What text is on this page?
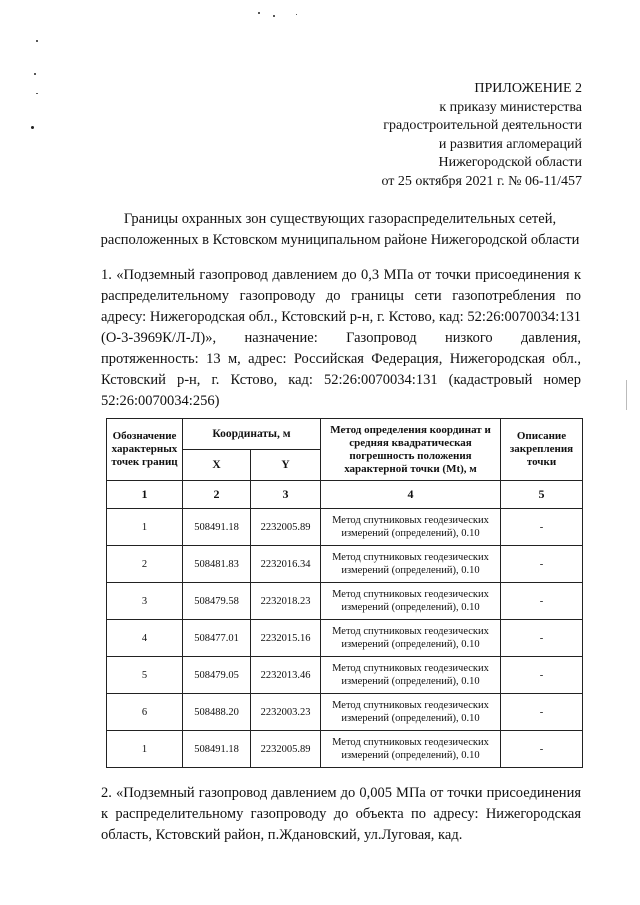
ПРИЛОЖЕНИЕ 2
к приказу министерства
градостроительной деятельности
и развития агломераций
Нижегородской области
от 25 октября 2021 г. № 06-11/457
Границы охранных зон существующих газораспределительных сетей,
расположенных в Кстовском муниципальном районе Нижегородской области
1. «Подземный газопровод давлением до 0,3 МПа от точки присоединения к распределительному газопроводу до границы сети газопотребления по адресу: Нижегородская обл., Кстовский р-н, г. Кстово, кад: 52:26:0070034:131 (О-3-3969К/Л-Л)», назначение: Газопровод низкого давления, протяженность: 13 м, адрес: Российская Федерация, Нижегородская обл., Кстовский р-н, г. Кстово, кад: 52:26:0070034:131 (кадастровый номер 52:26:0070034:256)
Обозначение характерных точек границ	Координаты, м		Метод определения координат и средняя квадратическая погрешность положения характерной точки (Mt), м	Описание закрепления точки
	X	Y		
1	2	3	4	5
1	508491.18	2232005.89	Метод спутниковых геодезических измерений (определений), 0.10	-
2	508481.83	2232016.34	Метод спутниковых геодезических измерений (определений), 0.10	-
3	508479.58	2232018.23	Метод спутниковых геодезических измерений (определений), 0.10	-
4	508477.01	2232015.16	Метод спутниковых геодезических измерений (определений), 0.10	-
5	508479.05	2232013.46	Метод спутниковых геодезических измерений (определений), 0.10	-
6	508488.20	2232003.23	Метод спутниковых геодезических измерений (определений), 0.10	-
1	508491.18	2232005.89	Метод спутниковых геодезических измерений (определений), 0.10	-
2. «Подземный газопровод давлением до 0,005 МПа от точки присоединения к распределительному газопроводу до объекта по адресу: Нижегородская область, Кстовский район, п.Ждановский, ул.Луговая, кад.
